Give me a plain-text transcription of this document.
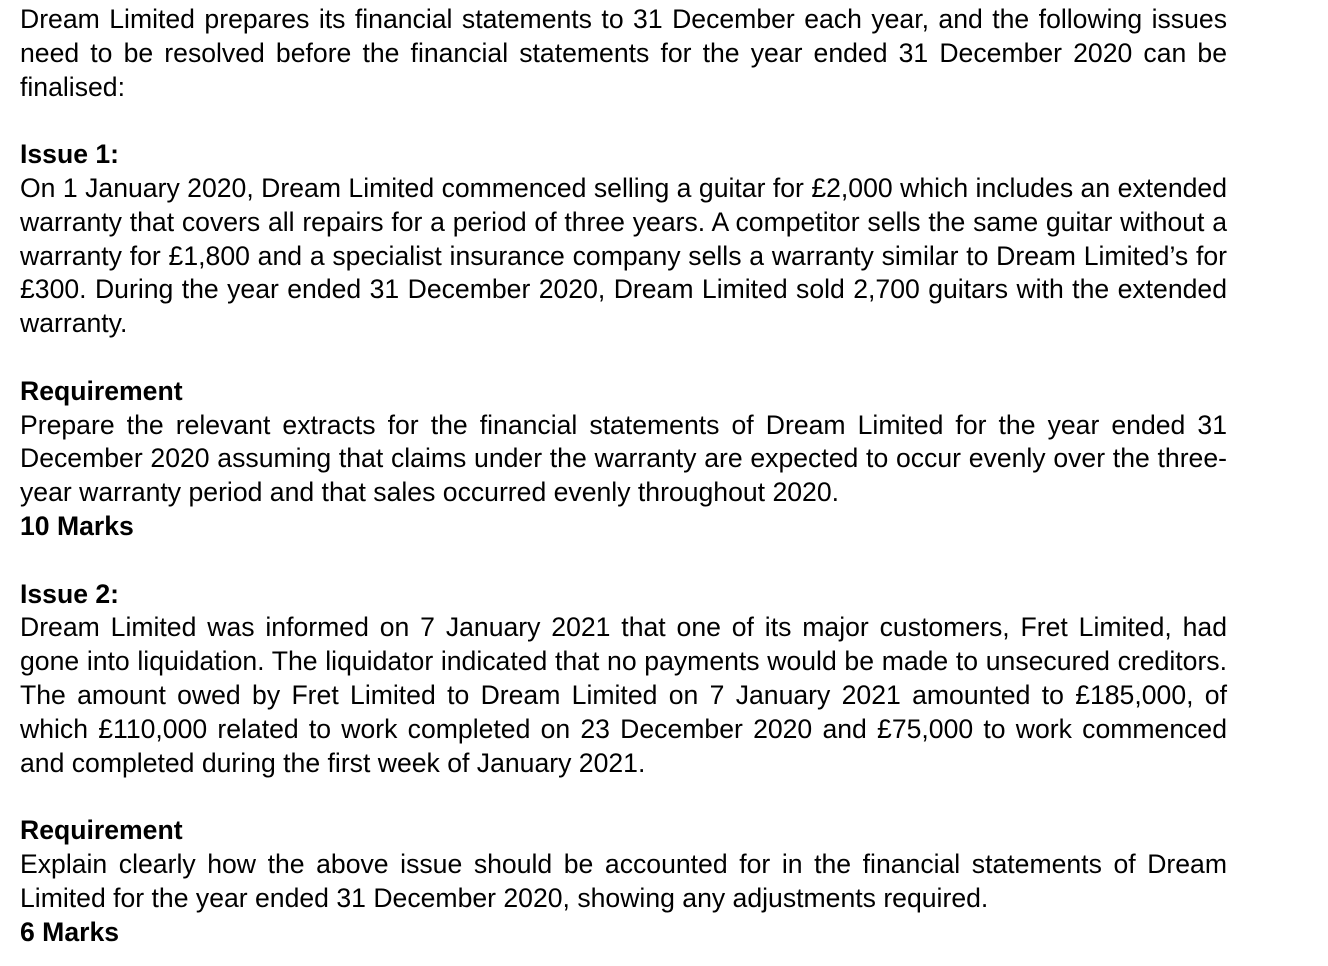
Dream Limited prepares its financial statements to 31 December each year, and the following issues need to be resolved before the financial statements for the year ended 31 December 2020 can be finalised:

Issue 1:

On 1 January 2020, Dream Limited commenced selling a guitar for £2,000 which includes an extended warranty that covers all repairs for a period of three years. A competitor sells the same guitar without a warranty for £1,800 and a specialist insurance company sells a warranty similar to Dream Limited’s for £300. During the year ended 31 December 2020, Dream Limited sold 2,700 guitars with the extended warranty.

Requirement

Prepare the relevant extracts for the financial statements of Dream Limited for the year ended 31 December 2020 assuming that claims under the warranty are expected to occur evenly over the three-year warranty period and that sales occurred evenly throughout 2020.

10 Marks

Issue 2:

Dream Limited was informed on 7 January 2021 that one of its major customers, Fret Limited, had gone into liquidation. The liquidator indicated that no payments would be made to unsecured creditors. The amount owed by Fret Limited to Dream Limited on 7 January 2021 amounted to £185,000, of which £110,000 related to work completed on 23 December 2020 and £75,000 to work commenced and completed during the first week of January 2021.

Requirement

Explain clearly how the above issue should be accounted for in the financial statements of Dream Limited for the year ended 31 December 2020, showing any adjustments required.

6 Marks
